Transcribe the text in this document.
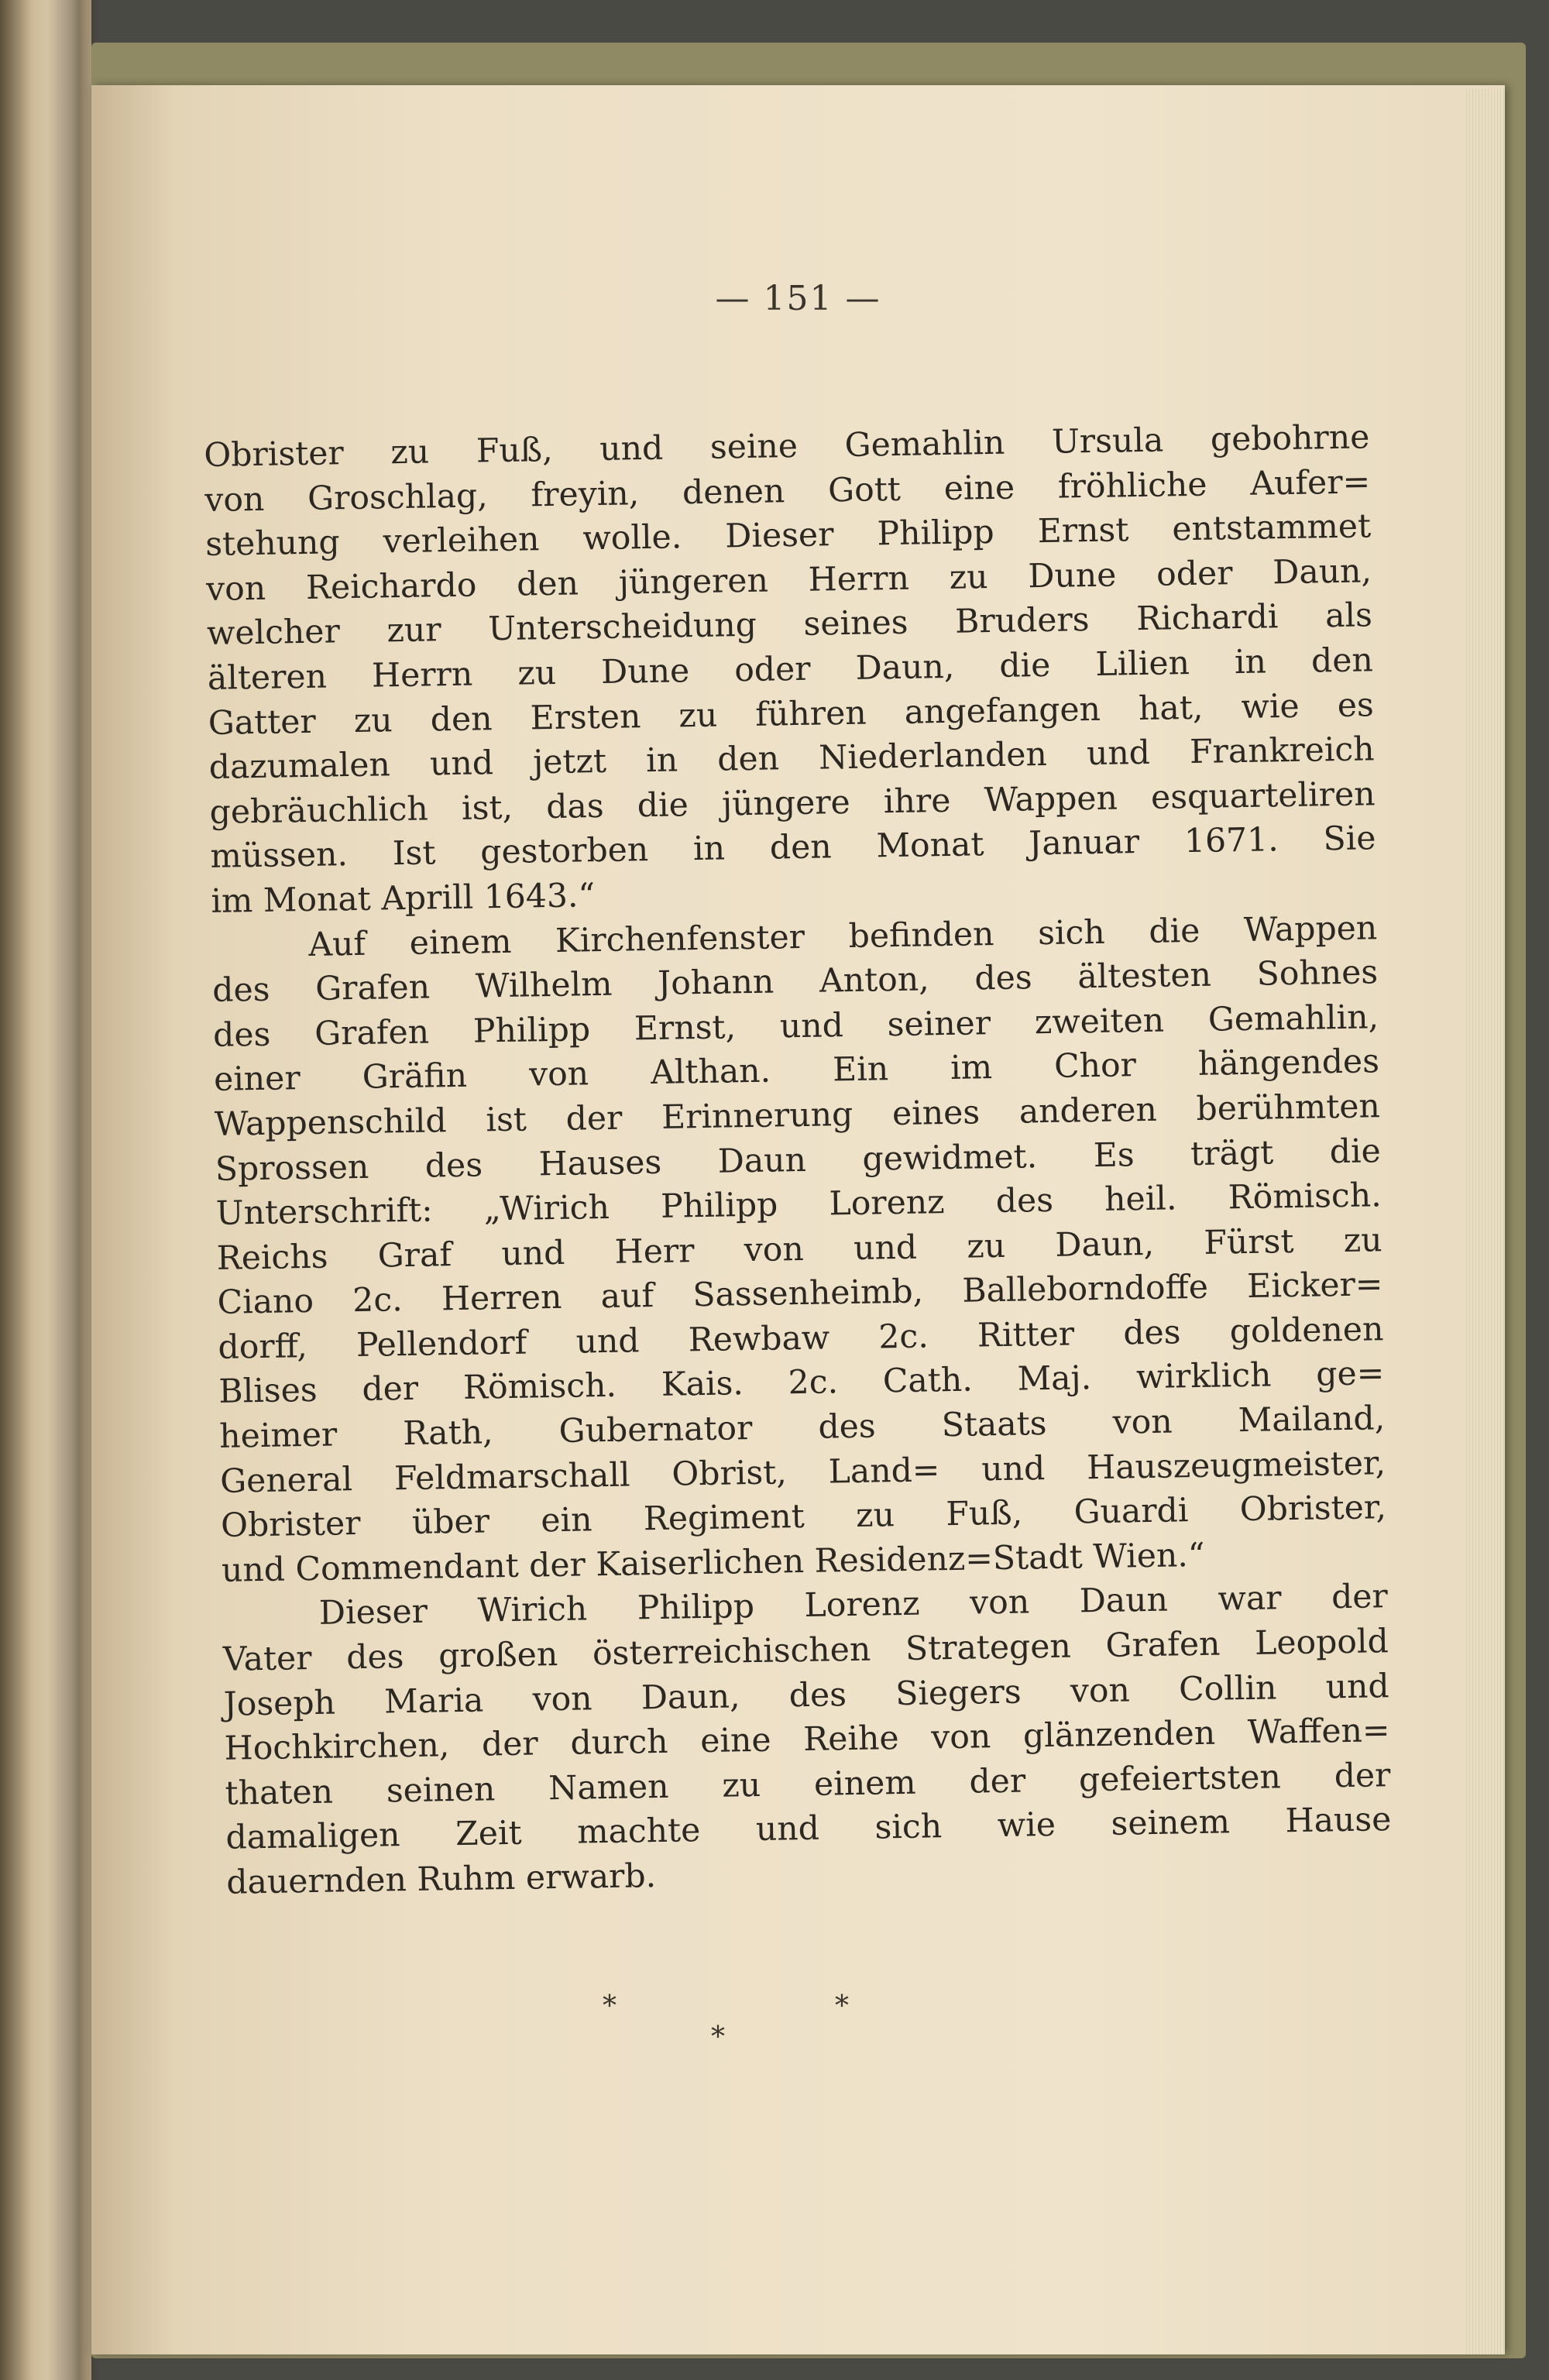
— 151 —
Obrister zu Fuß, und seine Gemahlin Ursula gebohrne
von Groschlag, freyin, denen Gott eine fröhliche Aufer=
stehung verleihen wolle. Dieser Philipp Ernst entstammet
von Reichardo den jüngeren Herrn zu Dune oder Daun,
welcher zur Unterscheidung seines Bruders Richardi als
älteren Herrn zu Dune oder Daun, die Lilien in den
Gatter zu den Ersten zu führen angefangen hat, wie es
dazumalen und jetzt in den Niederlanden und Frankreich
gebräuchlich ist, das die jüngere ihre Wappen esquarteliren
müssen. Ist gestorben in den Monat Januar 1671. Sie
im Monat Aprill 1643.“
Auf einem Kirchenfenster befinden sich die Wappen
des Grafen Wilhelm Johann Anton, des ältesten Sohnes
des Grafen Philipp Ernst, und seiner zweiten Gemahlin,
einer Gräfin von Althan. Ein im Chor hängendes
Wappenschild ist der Erinnerung eines anderen berühmten
Sprossen des Hauses Daun gewidmet. Es trägt die
Unterschrift: „Wirich Philipp Lorenz des heil. Römisch.
Reichs Graf und Herr von und zu Daun, Fürst zu
Ciano 2c. Herren auf Sassenheimb, Balleborndoffe Eicker=
dorff, Pellendorf und Rewbaw 2c. Ritter des goldenen
Blises der Römisch. Kais. 2c. Cath. Maj. wirklich ge=
heimer Rath, Gubernator des Staats von Mailand,
General Feldmarschall Obrist, Land= und Hauszeugmeister,
Obrister über ein Regiment zu Fuß, Guardi Obrister,
und Commendant der Kaiserlichen Residenz=Stadt Wien.“
Dieser Wirich Philipp Lorenz von Daun war der
Vater des großen österreichischen Strategen Grafen Leopold
Joseph Maria von Daun, des Siegers von Collin und
Hochkirchen, der durch eine Reihe von glänzenden Waffen=
thaten seinen Namen zu einem der gefeiertsten der
damaligen Zeit machte und sich wie seinem Hause
dauernden Ruhm erwarb.
*
*
*
